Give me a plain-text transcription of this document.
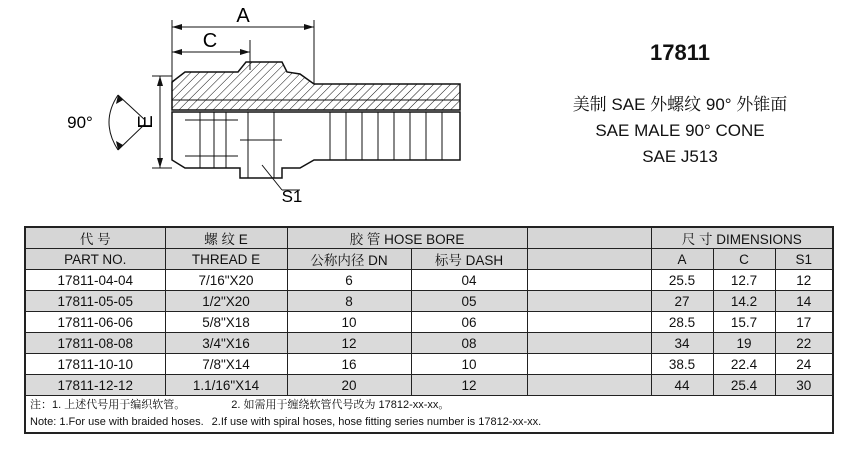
A
C
E
90°
S1
17811
美制 SAE 外螺纹 90° 外锥面
SAE MALE 90° CONE
SAE J513
代 号	螺 纹 E	胶 管 HOSE BORE			尺 寸 DIMENSIONS		
PART NO.	THREAD E	公称内径 DN	标号 DASH		A	C	S1
17811-04-04	7/16"X20	6	04		25.5	12.7	12
17811-05-05	1/2"X20	8	05		27	14.2	14
17811-06-06	5/8"X18	10	06		28.5	15.7	17
17811-08-08	3/4"X16	12	08		34	19	22
17811-10-10	7/8"X14	16	10		38.5	22.4	24
17811-12-12	1.1/16"X14	20	12		44	25.4	30

注：1. 上述代号用于编织软管。 2. 如需用于缠绕软管代号改为 17812-xx-xx。
Note: 1.For use with braided hoses. 2.If use with spiral hoses, hose fitting series number is 17812-xx-xx.							
